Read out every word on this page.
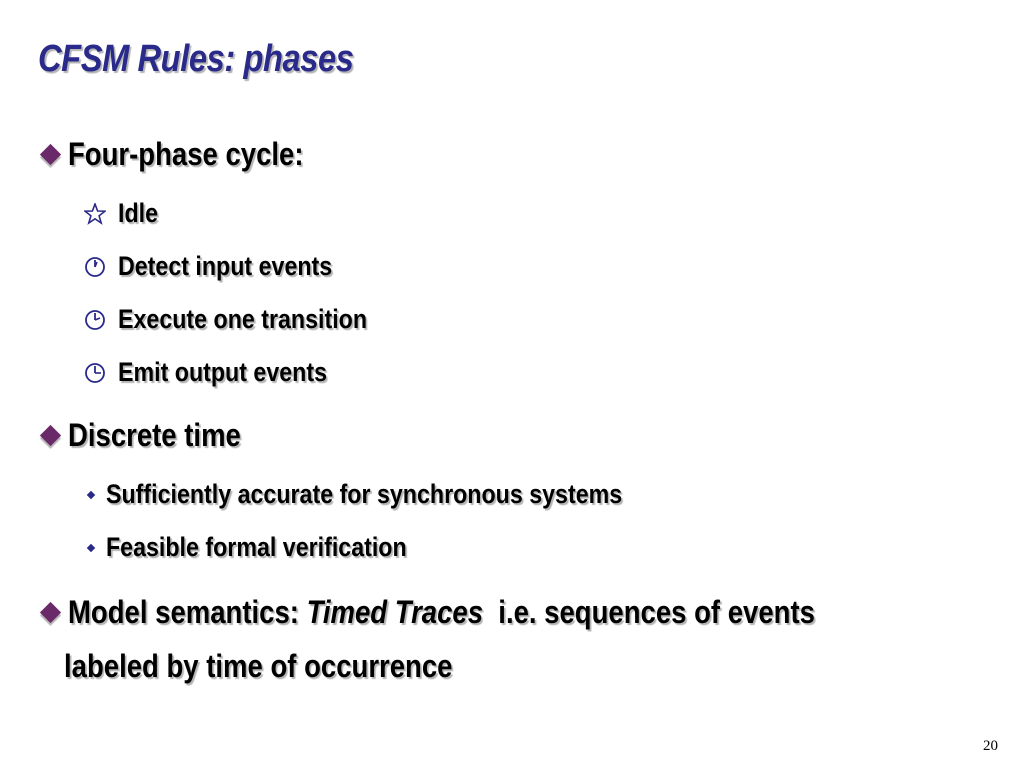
CFSM Rules: phases
Four-phase cycle:
Idle
Detect input events
Execute one transition
Emit output events
Discrete time
Sufficiently accurate for synchronous systems
Feasible formal verification
Model semantics: Timed Traces  i.e. sequences of events
labeled by time of occurrence
20
